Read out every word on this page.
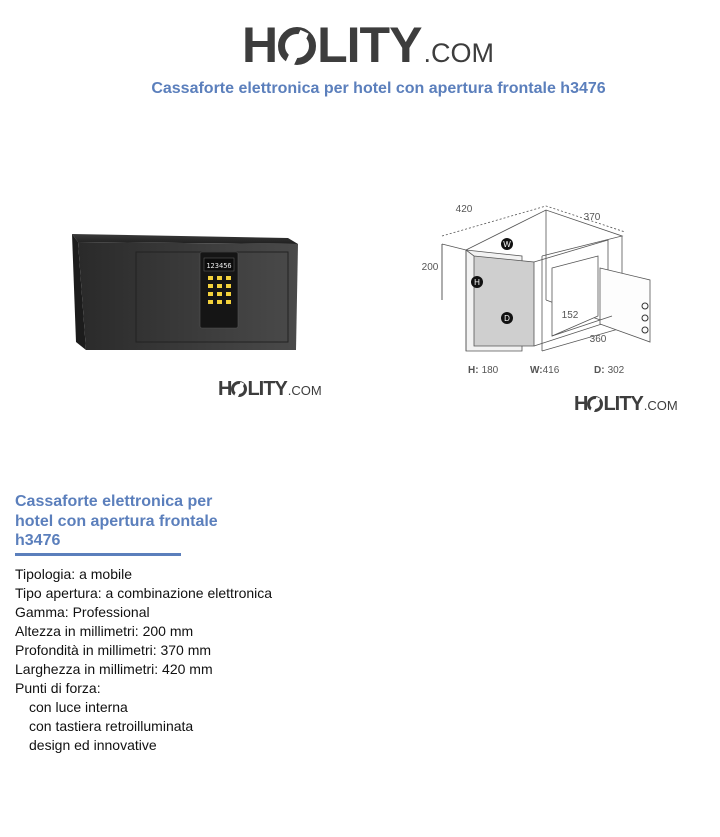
H LITY .COM
Cassaforte elettronica per hotel con apertura frontale h3476
123456
H LITY .COM
W
H
D
420
370
200
152
360
H: 180	W:416	D: 302
H LITY .COM
Cassaforte elettronica per hotel con apertura frontale h3476
Tipologia: a mobile
Tipo apertura: a combinazione elettronica
Gamma: Professional
Altezza in millimetri: 200 mm
Profondità in millimetri: 370 mm
Larghezza in millimetri: 420 mm
Punti di forza:
con luce interna
con tastiera retroilluminata
design ed innovative
